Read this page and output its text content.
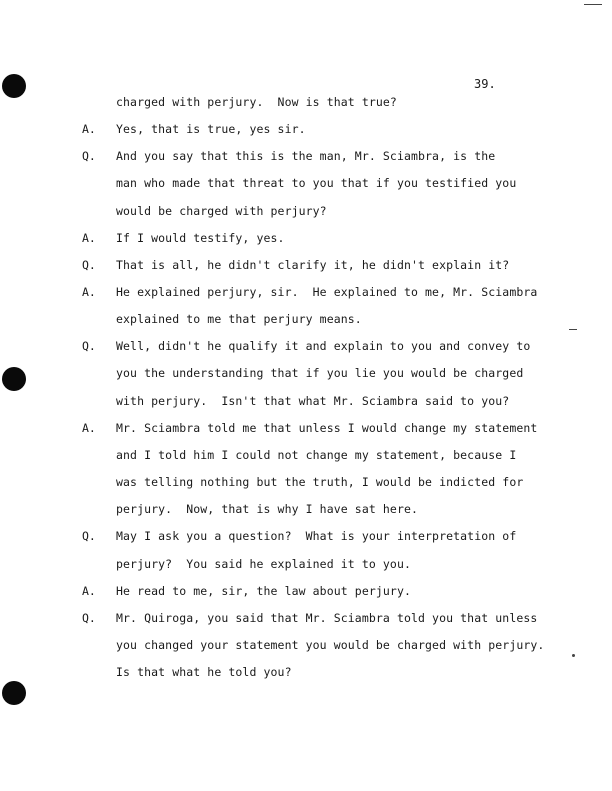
39.
charged with perjury.  Now is that true?
A. Yes, that is true, yes sir.
Q. And you say that this is the man, Mr. Sciambra, is the
man who made that threat to you that if you testified you
would be charged with perjury?
A. If I would testify, yes.
Q. That is all, he didn't clarify it, he didn't explain it?
A. He explained perjury, sir.  He explained to me, Mr. Sciambra
explained to me that perjury means.
Q. Well, didn't he qualify it and explain to you and convey to
you the understanding that if you lie you would be charged
with perjury.  Isn't that what Mr. Sciambra said to you?
A. Mr. Sciambra told me that unless I would change my statement
and I told him I could not change my statement, because I
was telling nothing but the truth, I would be indicted for
perjury.  Now, that is why I have sat here.
Q. May I ask you a question?  What is your interpretation of
perjury?  You said he explained it to you.
A. He read to me, sir, the law about perjury.
Q. Mr. Quiroga, you said that Mr. Sciambra told you that unless
you changed your statement you would be charged with perjury.
Is that what he told you?
